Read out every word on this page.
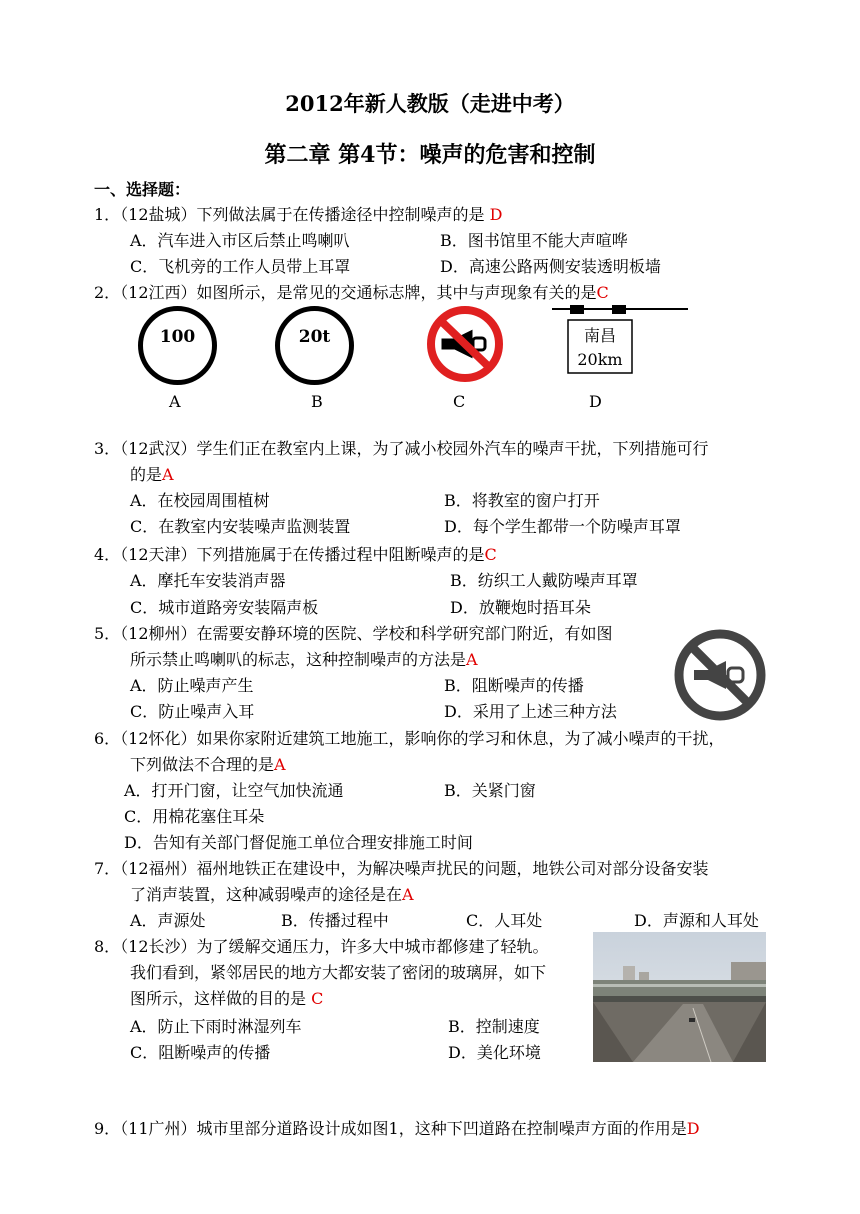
2012年新人教版（走进中考）
第二章 第4节：噪声的危害和控制
一、选择题：
1．（12盐城）下列做法属于在传播途径中控制噪声的是 D
A．汽车进入市区后禁止鸣喇叭	B．图书馆里不能大声喧哗
C．飞机旁的工作人员带上耳罩	D．高速公路两侧安装透明板墙
2．（12江西）如图所示，是常见的交通标志牌，其中与声现象有关的是C
100	20t	南昌
20km
A	B	C	D
3．（12武汉）学生们正在教室内上课，为了减小校园外汽车的噪声干扰，下列措施可行
的是A
A．在校园周围植树	B．将教室的窗户打开
C．在教室内安装噪声监测装置	D．每个学生都带一个防噪声耳罩
4．（12天津）下列措施属于在传播过程中阻断噪声的是C
A．摩托车安装消声器	B．纺织工人戴防噪声耳罩
C．城市道路旁安装隔声板	D．放鞭炮时捂耳朵
5．（12柳州）在需要安静环境的医院、学校和科学研究部门附近，有如图
所示禁止鸣喇叭的标志，这种控制噪声的方法是A
A．防止噪声产生	B．阻断噪声的传播
C．防止噪声入耳	D．采用了上述三种方法
6．（12怀化）如果你家附近建筑工地施工，影响你的学习和休息，为了减小噪声的干扰，
下列做法不合理的是A
A．打开门窗，让空气加快流通	B．关紧门窗
C．用棉花塞住耳朵
D．告知有关部门督促施工单位合理安排施工时间
7．（12福州）福州地铁正在建设中，为解决噪声扰民的问题，地铁公司对部分设备安装
了消声装置，这种减弱噪声的途径是在A
A．声源处	B．传播过程中	C．人耳处	D．声源和人耳处
8．（12长沙）为了缓解交通压力，许多大中城市都修建了轻轨。
我们看到，紧邻居民的地方大都安装了密闭的玻璃屏，如下
图所示，这样做的目的是 C
A．防止下雨时淋湿列车	B．控制速度
C．阻断噪声的传播	D．美化环境
9．（11广州）城市里部分道路设计成如图1，这种下凹道路在控制噪声方面的作用是D
